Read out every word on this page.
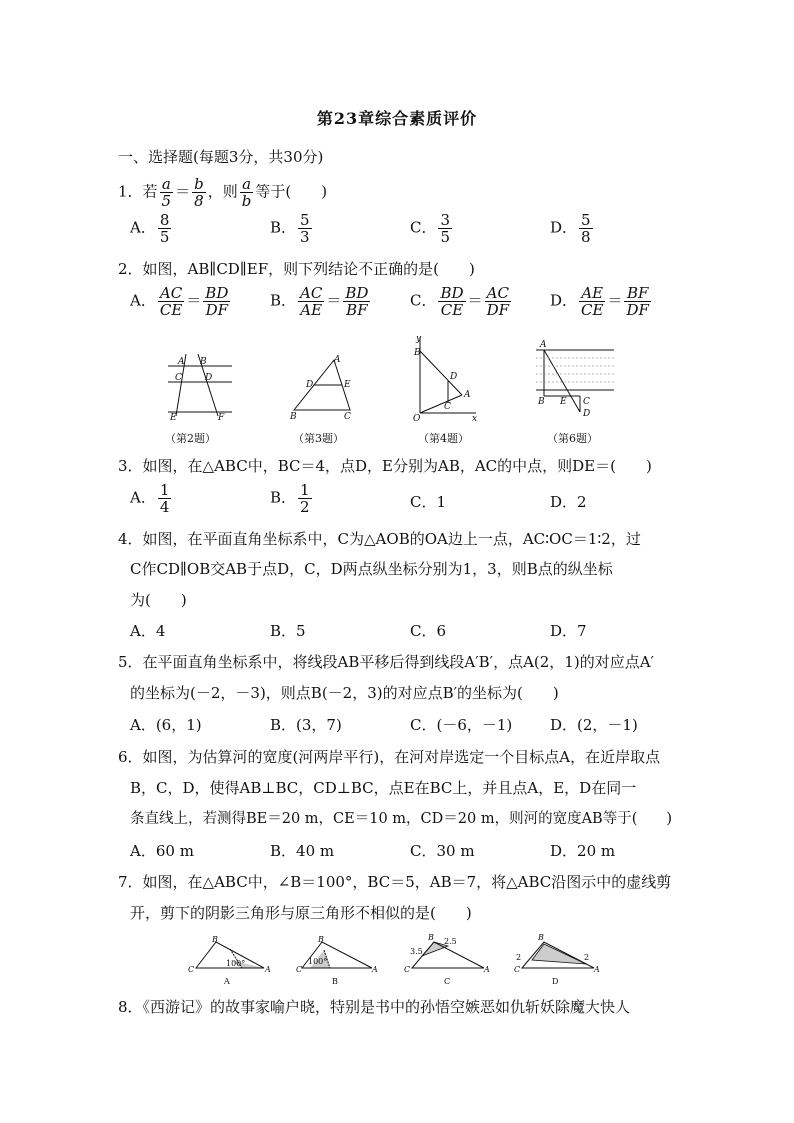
第23章综合素质评价
一、选择题(每题3分，共30分)
1．若 $\frac{a}{5} = \frac{b}{8}$ ，则 $\frac{a}{b}$ 等于(　　)
A． $\frac{8}{5}$	B． $\frac{5}{3}$	C． $\frac{3}{5}$	D． $\frac{5}{8}$
2．如图，AB∥CD∥EF，则下列结论不正确的是(　　)
A． $\frac{AC}{CE} = \frac{BD}{DF}$	B． $\frac{AC}{AE} = \frac{BD}{BF}$	C． $\frac{BD}{CE} = \frac{AC}{DF}$	D． $\frac{AE}{CE} = \frac{BF}{DF}$
A B
C	D
E	F
（第2题）
A
D	E
B	C
（第3题）
y
x
O
B
D
A
C
（第4题）
A
B E C
D
（第6题）
3．如图，在△ABC中，BC＝4，点D，E分别为AB，AC的中点，则DE＝(　　)
A． $\frac{1}{4}$	B． $\frac{1}{2}$	C．1	D．2
4．如图，在平面直角坐标系中，C为△AOB的OA边上一点，AC∶OC＝1∶2，过
C作CD∥OB交AB于点D，C，D两点纵坐标分别为1，3，则B点的纵坐标
为(　　)
A．4	B．5	C．6	D．7
5．在平面直角坐标系中，将线段AB平移后得到线段A′B′，点A(2，1)的对应点A′
的坐标为(－2，－3)，则点B(－2，3)的对应点B′的坐标为(　　)
A．(6，1)	B．(3，7)	C．(－6，－1)	D．(2，－1)
6．如图，为估算河的宽度(河两岸平行)，在河对岸选定一个目标点A，在近岸取点
B，C，D，使得AB⊥BC，CD⊥BC，点E在BC上，并且点A，E，D在同一
条直线上，若测得BE＝20 m，CE＝10 m，CD＝20 m，则河的宽度AB等于(　　)
A．60 m	B．40 m	C．30 m	D．20 m
7．如图，在△ABC中，∠B＝100°，BC＝5，AB＝7，将△ABC沿图示中的虚线剪
开，剪下的阴影三角形与原三角形不相似的是(　　)
C
B
A
100°
A
C
B
A
100°
B
C
B
A
3.5
2.5
C
C
B
A
2	2
D
8．《西游记》的故事家喻户晓，特别是书中的孙悟空嫉恶如仇斩妖除魔大快人
